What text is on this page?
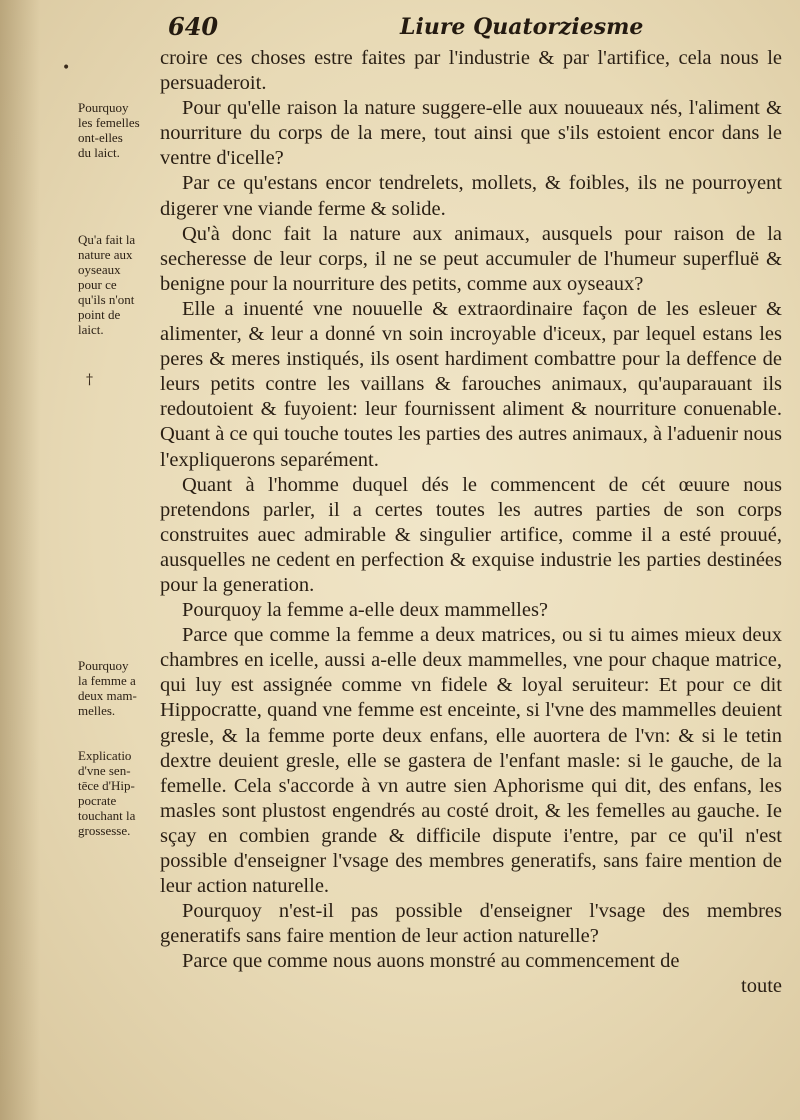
640	Liure Quatorziesme

Pourquoy
les femelles
ont-elles
du laict.

Qu'a fait la
nature aux
oyseaux
pour ce
qu'ils n'ont
point de
laict.

Pourquoy
la femme a
deux mam-
melles.

Explicatio
d'vne sen-
tēce d'Hip-
pocrate
touchant la
grossesse.

•
†

croire ces choses estre faites par l'industrie & par l'artifice, cela nous le persuaderoit.

Pour qu'elle raison la nature suggere-elle aux nouueaux nés, l'aliment & nourriture du corps de la mere, tout ainsi que s'ils estoient encor dans le ventre d'icelle?

Par ce qu'estans encor tendrelets, mollets, & foibles, ils ne pourroyent digerer vne viande ferme & solide.

Qu'à donc fait la nature aux animaux, ausquels pour raison de la secheresse de leur corps, il ne se peut accumuler de l'humeur superfluë & benigne pour la nourriture des petits, comme aux oyseaux?

Elle a inuenté vne nouuelle & extraordinaire façon de les esleuer & alimenter, & leur a donné vn soin incroyable d'iceux, par lequel estans les peres & meres instiqués, ils osent hardiment combattre pour la deffence de leurs petits contre les vaillans & farouches animaux, qu'auparauant ils redoutoient & fuyoient: leur fournissent aliment & nourriture conuenable. Quant à ce qui touche toutes les parties des autres animaux, à l'aduenir nous l'expliquerons separément.

Quant à l'homme duquel dés le commencent de cét œuure nous pretendons parler, il a certes toutes les autres parties de son corps construites auec admirable & singulier artifice, comme il a esté prouué, ausquelles ne cedent en perfection & exquise industrie les parties destinées pour la generation.

Pourquoy la femme a-elle deux mammelles?

Parce que comme la femme a deux matrices, ou si tu aimes mieux deux chambres en icelle, aussi a-elle deux mammelles, vne pour chaque matrice, qui luy est assignée comme vn fidele & loyal seruiteur: Et pour ce dit Hippocratte, quand vne femme est enceinte, si l'vne des mammelles deuient gresle, & la femme porte deux enfans, elle auortera de l'vn: & si le tetin dextre deuient gresle, elle se gastera de l'enfant masle: si le gauche, de la femelle. Cela s'accorde à vn autre sien Aphorisme qui dit, des enfans, les masles sont plustost engendrés au costé droit, & les femelles au gauche. Ie sçay en combien grande & difficile dispute i'entre, par ce qu'il n'est possible d'enseigner l'vsage des membres generatifs, sans faire mention de leur action naturelle.

Pourquoy n'est-il pas possible d'enseigner l'vsage des membres generatifs sans faire mention de leur action naturelle?

Parce que comme nous auons monstré au commencement de

toute
